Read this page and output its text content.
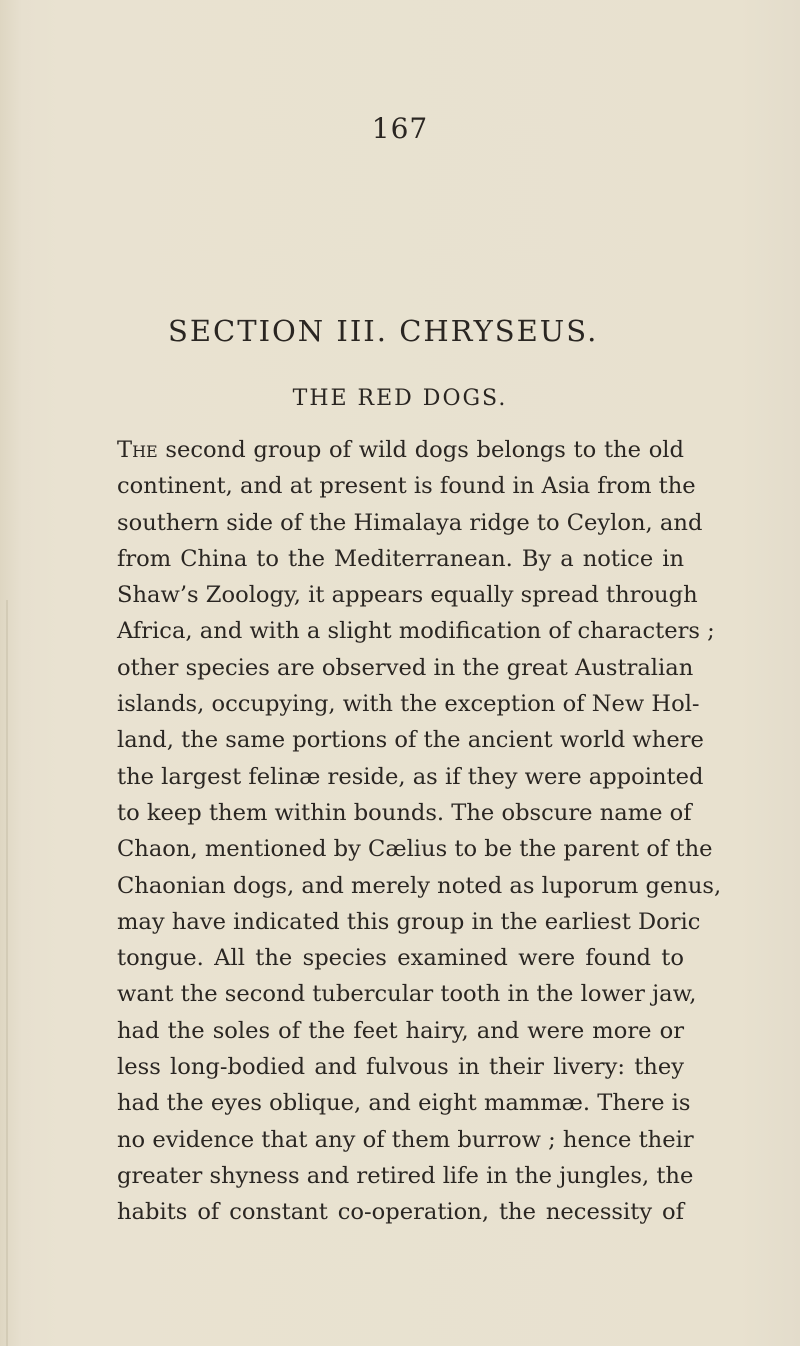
167
SECTION III. CHRYSEUS.
THE RED DOGS.
The second group of wild dogs belongs to the old
continent, and at present is found in Asia from the
southern side of the Himalaya ridge to Ceylon, and
from China to the Mediterranean. By a notice in
Shaw’s Zoology, it appears equally spread through
Africa, and with a slight modification of characters ;
other species are observed in the great Australian
islands, occupying, with the exception of New Hol-
land, the same portions of the ancient world where
the largest felinæ reside, as if they were appointed
to keep them within bounds. The obscure name of
Chaon, mentioned by Cælius to be the parent of the
Chaonian dogs, and merely noted as luporum genus,
may have indicated this group in the earliest Doric
tongue. All the species examined were found to
want the second tubercular tooth in the lower jaw,
had the soles of the feet hairy, and were more or
less long-bodied and fulvous in their livery: they
had the eyes oblique, and eight mammæ. There is
no evidence that any of them burrow ; hence their
greater shyness and retired life in the jungles, the
habits of constant co-operation, the necessity of
